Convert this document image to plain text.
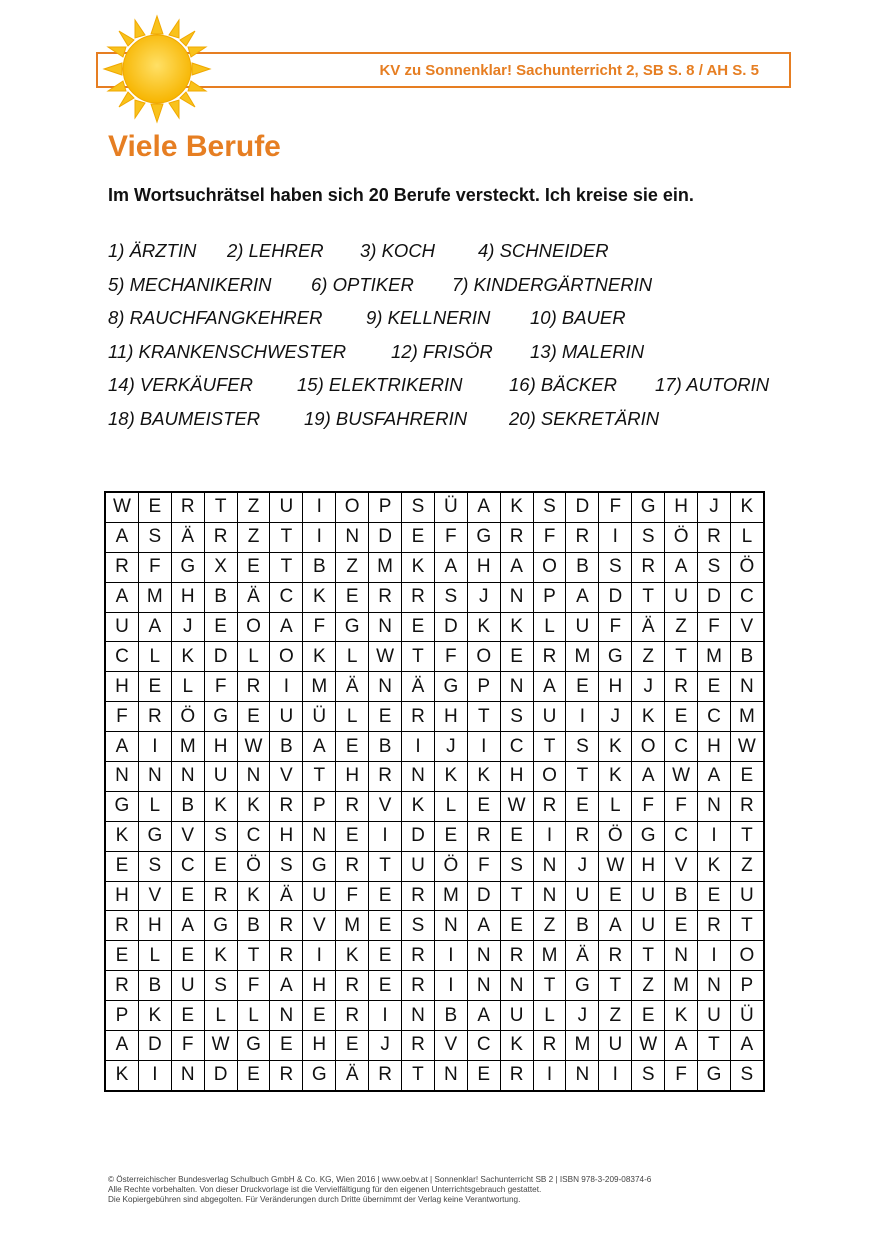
KV zu Sonnenklar! Sachunterricht 2, SB S. 8 / AH S. 5
Viele Berufe
Im Wortsuchrätsel haben sich 20 Berufe versteckt. Ich kreise sie ein.
1) ÄRZTIN 2) LEHRER 3) KOCH 4) SCHNEIDER
5) MECHANIKERIN 6) OPTIKER 7) KINDERGÄRTNERIN
8) RAUCHFANGKEHRER 9) KELLNERIN 10) BAUER
11) KRANKENSCHWESTER 12) FRISÖR 13) MALERIN
14) VERKÄUFER 15) ELEKTRIKERIN	16) BÄCKER 17) AUTORIN
18) BAUMEISTER 19) BUSFAHRERIN 20) SEKRETÄRIN
W	E	R	T	Z	U	I	O	P	S	Ü	A	K	S	D	F	G	H	J	K
A	S	Ä	R	Z	T	I	N	D	E	F	G	R	F	R	I	S	Ö	R	L
R	F	G	X	E	T	B	Z	M	K	A	H	A	O	B	S	R	A	S	Ö
A	M	H	B	Ä	C	K	E	R	R	S	J	N	P	A	D	T	U	D	C
U	A	J	E	O	A	F	G	N	E	D	K	K	L	U	F	Ä	Z	F	V
C	L	K	D	L	O	K	L	W	T	F	O	E	R	M	G	Z	T	M	B
H	E	L	F	R	I	M	Ä	N	Ä	G	P	N	A	E	H	J	R	E	N
F	R	Ö	G	E	U	Ü	L	E	R	H	T	S	U	I	J	K	E	C	M
A	I	M	H	W	B	A	E	B	I	J	I	C	T	S	K	O	C	H	W
N	N	N	U	N	V	T	H	R	N	K	K	H	O	T	K	A	W	A	E
G	L	B	K	K	R	P	R	V	K	L	E	W	R	E	L	F	F	N	R
K	G	V	S	C	H	N	E	I	D	E	R	E	I	R	Ö	G	C	I	T
E	S	C	E	Ö	S	G	R	T	U	Ö	F	S	N	J	W	H	V	K	Z
H	V	E	R	K	Ä	U	F	E	R	M	D	T	N	U	E	U	B	E	U
R	H	A	G	B	R	V	M	E	S	N	A	E	Z	B	A	U	E	R	T
E	L	E	K	T	R	I	K	E	R	I	N	R	M	Ä	R	T	N	I	O
R	B	U	S	F	A	H	R	E	R	I	N	N	T	G	T	Z	M	N	P
P	K	E	L	L	N	E	R	I	N	B	A	U	L	J	Z	E	K	U	Ü
A	D	F	W	G	E	H	E	J	R	V	C	K	R	M	U	W	A	T	A
K	I	N	D	E	R	G	Ä	R	T	N	E	R	I	N	I	S	F	G	S
© Österreichischer Bundesverlag Schulbuch GmbH & Co. KG, Wien 2016 | www.oebv.at | Sonnenklar! Sachunterricht SB 2 | ISBN 978-3-209-08374-6
Alle Rechte vorbehalten. Von dieser Druckvorlage ist die Vervielfältigung für den eigenen Unterrichtsgebrauch gestattet.
Die Kopiergebühren sind abgegolten. Für Veränderungen durch Dritte übernimmt der Verlag keine Verantwortung.
